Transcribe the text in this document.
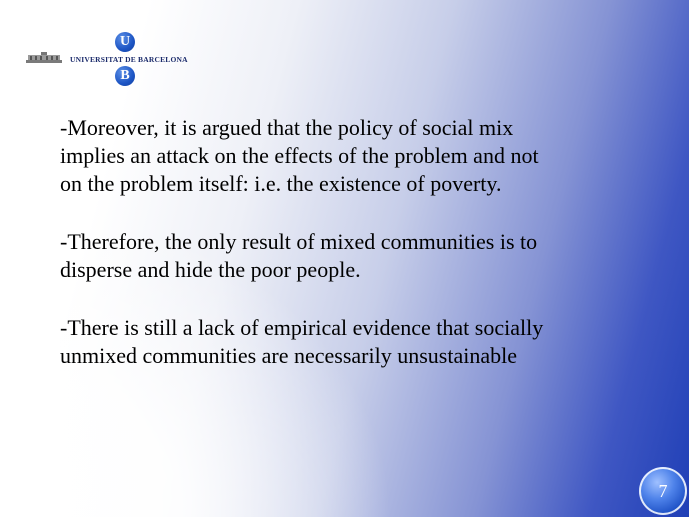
U
UNIVERSITAT DE BARCELONA
B

-Moreover, it is argued that the policy of social mix
implies an attack on the effects of the problem and not
on the problem itself: i.e. the existence of poverty.

-Therefore, the only result of mixed communities is to
disperse and hide the poor people.

-There is still a lack of empirical evidence that socially
unmixed communities are necessarily unsustainable

7
